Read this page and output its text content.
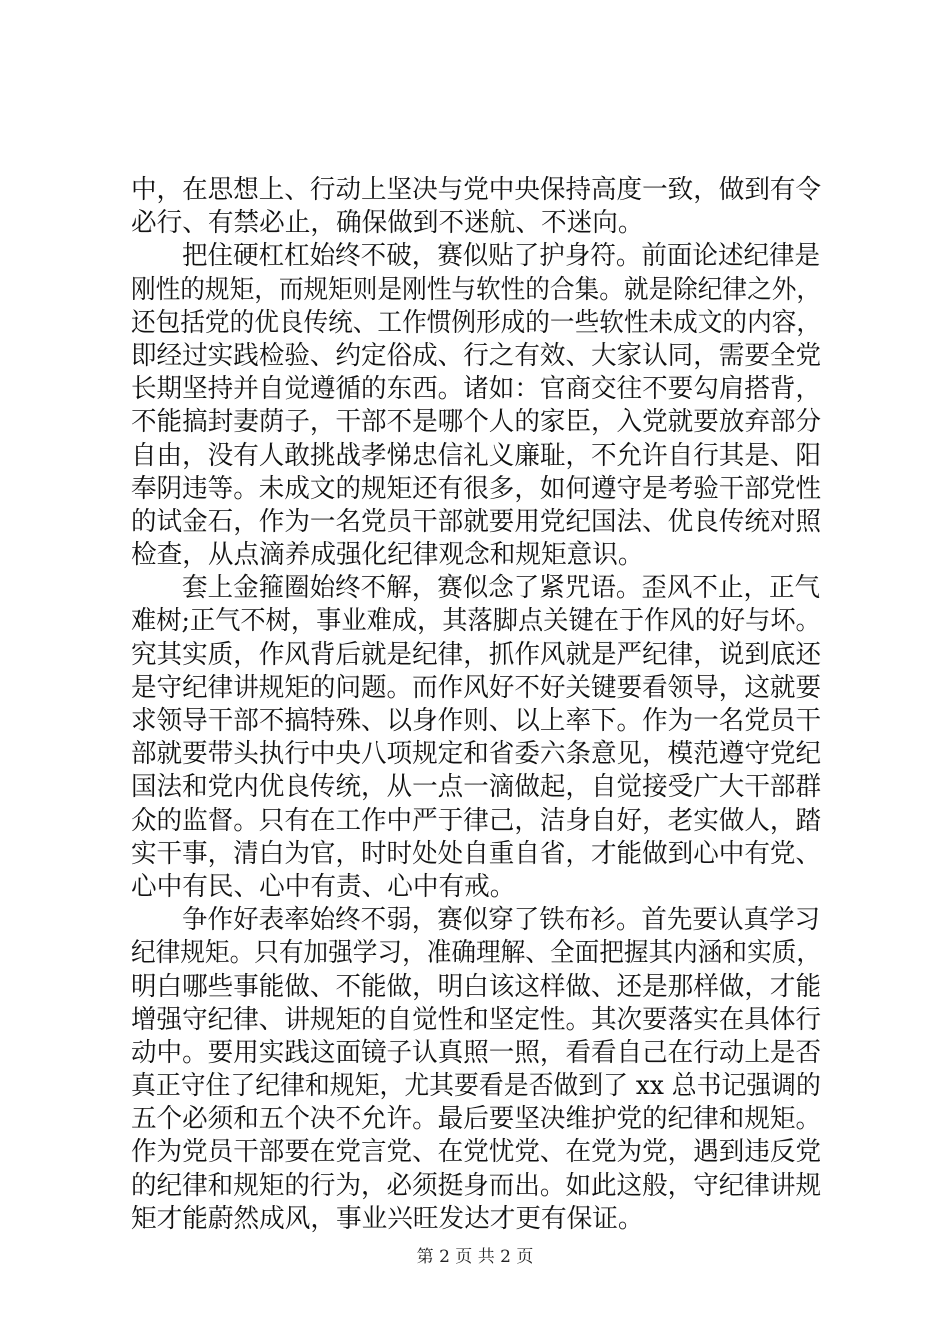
中，在思想上、行动上坚决与党中央保持高度一致，做到有令
必行、有禁必止，确保做到不迷航、不迷向。
把住硬杠杠始终不破，赛似贴了护身符。前面论述纪律是
刚性的规矩，而规矩则是刚性与软性的合集。就是除纪律之外，
还包括党的优良传统、工作惯例形成的一些软性未成文的内容，
即经过实践检验、约定俗成、行之有效、大家认同，需要全党
长期坚持并自觉遵循的东西。诸如：官商交往不要勾肩搭背，
不能搞封妻荫子，干部不是哪个人的家臣，入党就要放弃部分
自由，没有人敢挑战孝悌忠信礼义廉耻，不允许自行其是、阳
奉阴违等。未成文的规矩还有很多，如何遵守是考验干部党性
的试金石，作为一名党员干部就要用党纪国法、优良传统对照
检查，从点滴养成强化纪律观念和规矩意识。
套上金箍圈始终不解，赛似念了紧咒语。歪风不止，正气
难树;正气不树，事业难成，其落脚点关键在于作风的好与坏。
究其实质，作风背后就是纪律，抓作风就是严纪律，说到底还
是守纪律讲规矩的问题。而作风好不好关键要看领导，这就要
求领导干部不搞特殊、以身作则、以上率下。作为一名党员干
部就要带头执行中央八项规定和省委六条意见，模范遵守党纪
国法和党内优良传统，从一点一滴做起，自觉接受广大干部群
众的监督。只有在工作中严于律己，洁身自好，老实做人，踏
实干事，清白为官，时时处处自重自省，才能做到心中有党、
心中有民、心中有责、心中有戒。
争作好表率始终不弱，赛似穿了铁布衫。首先要认真学习
纪律规矩。只有加强学习，准确理解、全面把握其内涵和实质，
明白哪些事能做、不能做，明白该这样做、还是那样做，才能
增强守纪律、讲规矩的自觉性和坚定性。其次要落实在具体行
动中。要用实践这面镜子认真照一照，看看自己在行动上是否
真正守住了纪律和规矩，尤其要看是否做到了 xx 总书记强调的
五个必须和五个决不允许。最后要坚决维护党的纪律和规矩。
作为党员干部要在党言党、在党忧党、在党为党，遇到违反党
的纪律和规矩的行为，必须挺身而出。如此这般，守纪律讲规
矩才能蔚然成风，事业兴旺发达才更有保证。
第 2 页 共 2 页
